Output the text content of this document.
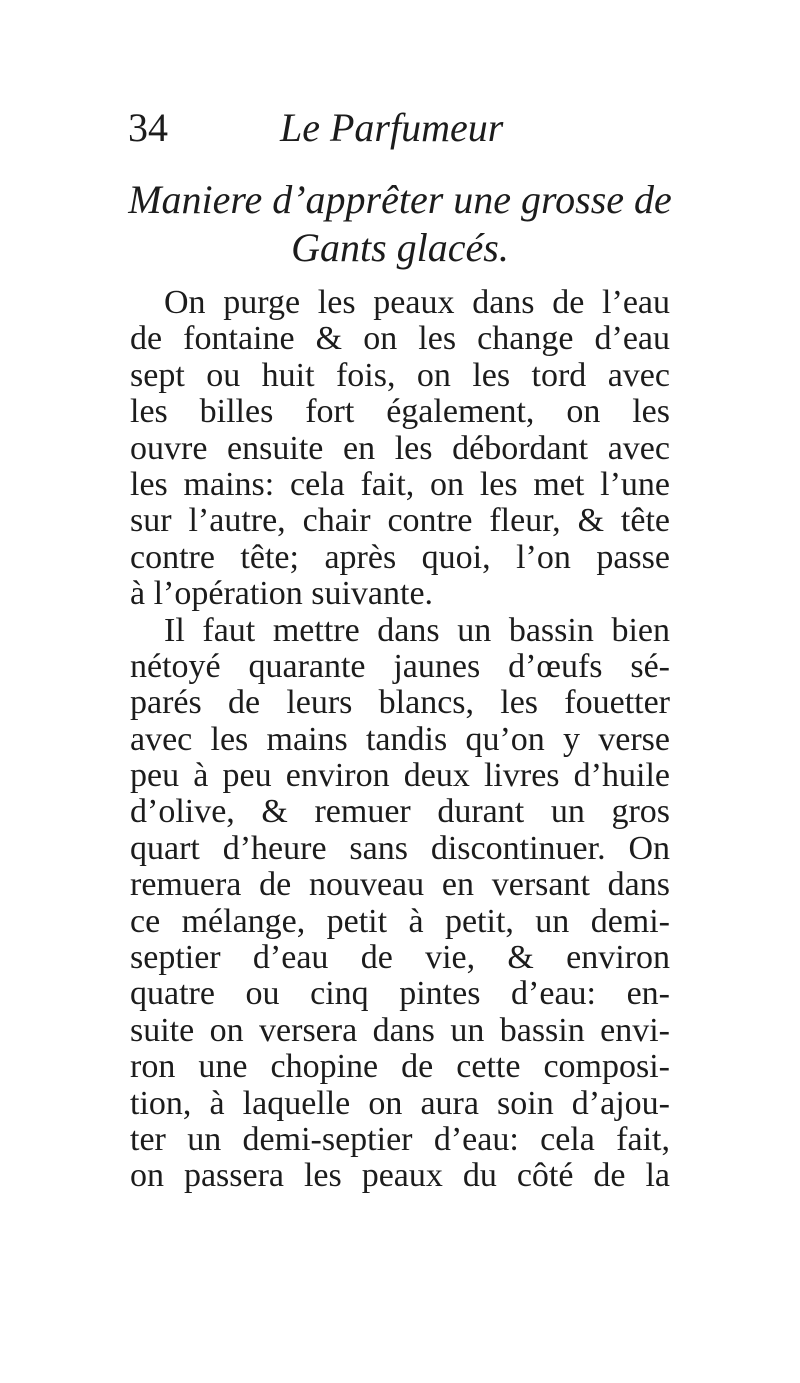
34	Le Parfumeur
Maniere d’apprêter une grosse de
Gants glacés.
On purge les peaux dans de l’eau
de fontaine & on les change d’eau
sept ou huit fois, on les tord avec
les billes fort également, on les
ouvre ensuite en les débordant avec
les mains: cela fait, on les met l’une
sur l’autre, chair contre fleur, & tête
contre tête; après quoi, l’on passe
à l’opération suivante.
Il faut mettre dans un bassin bien
nétoyé quarante jaunes d’œufs sé-
parés de leurs blancs, les fouetter
avec les mains tandis qu’on y verse
peu à peu environ deux livres d’huile
d’olive, & remuer durant un gros
quart d’heure sans discontinuer. On
remuera de nouveau en versant dans
ce mélange, petit à petit, un demi-
septier d’eau de vie, & environ
quatre ou cinq pintes d’eau: en-
suite on versera dans un bassin envi-
ron une chopine de cette composi-
tion, à laquelle on aura soin d’ajou-
ter un demi-septier d’eau: cela fait,
on passera les peaux du côté de la
